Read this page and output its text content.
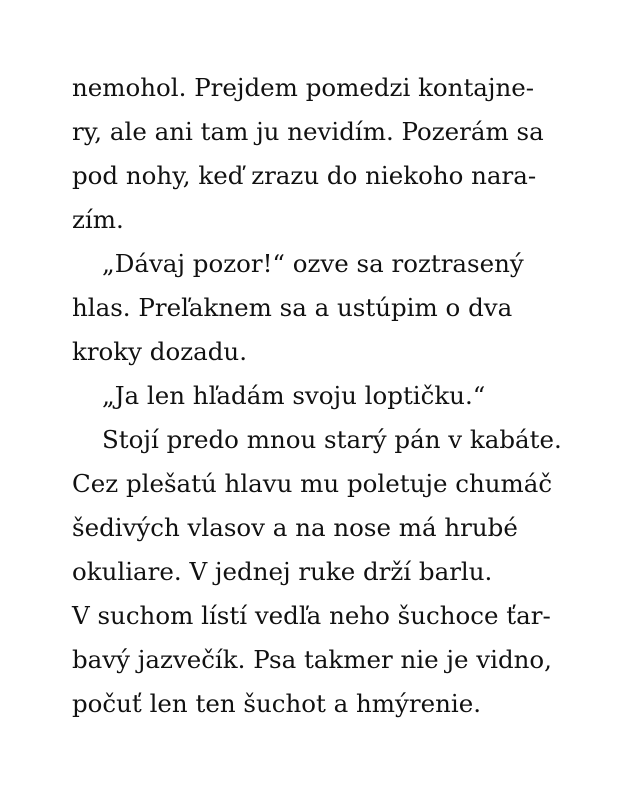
nemohol. Prejdem pomedzi kontajne-
ry, ale ani tam ju nevidím. Pozerám sa
pod nohy, keď zrazu do niekoho nara-
zím.
„Dávaj pozor!“ ozve sa roztrasený
hlas. Preľaknem sa a ustúpim o dva
kroky dozadu.
„Ja len hľadám svoju loptičku.“
Stojí predo mnou starý pán v kabáte.
Cez plešatú hlavu mu poletuje chumáč
šedivých vlasov a na nose má hrubé
okuliare. V jednej ruke drží barlu.
V suchom lístí vedľa neho šuchoce ťar-
bavý jazvečík. Psa takmer nie je vidno,
počuť len ten šuchot a hmýrenie.
